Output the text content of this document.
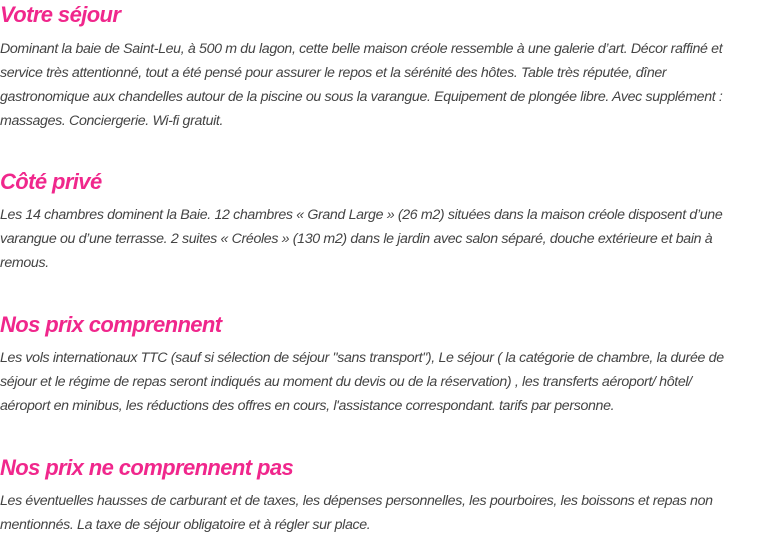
Votre séjour

Dominant la baie de Saint-Leu, à 500 m du lagon, cette belle maison créole ressemble à une galerie d’art. Décor raffiné et
service très attentionné, tout a été pensé pour assurer le repos et la sérénité des hôtes. Table très réputée, dîner
gastronomique aux chandelles autour de la piscine ou sous la varangue. Equipement de plongée libre. Avec supplément :
massages. Conciergerie. Wi-fi gratuit.

Côté privé

Les 14 chambres dominent la Baie. 12 chambres « Grand Large » (26 m2) situées dans la maison créole disposent d’une
varangue ou d’une terrasse. 2 suites « Créoles » (130 m2) dans le jardin avec salon séparé, douche extérieure et bain à
remous.

Nos prix comprennent

Les vols internationaux TTC (sauf si sélection de séjour "sans transport"), Le séjour ( la catégorie de chambre, la durée de
séjour et le régime de repas seront indiqués au moment du devis ou de la réservation) , les transferts aéroport/ hôtel/
aéroport en minibus, les réductions des offres en cours, l'assistance correspondant. tarifs par personne.

Nos prix ne comprennent pas

Les éventuelles hausses de carburant et de taxes, les dépenses personnelles, les pourboires, les boissons et repas non
mentionnés. La taxe de séjour obligatoire et à régler sur place.
